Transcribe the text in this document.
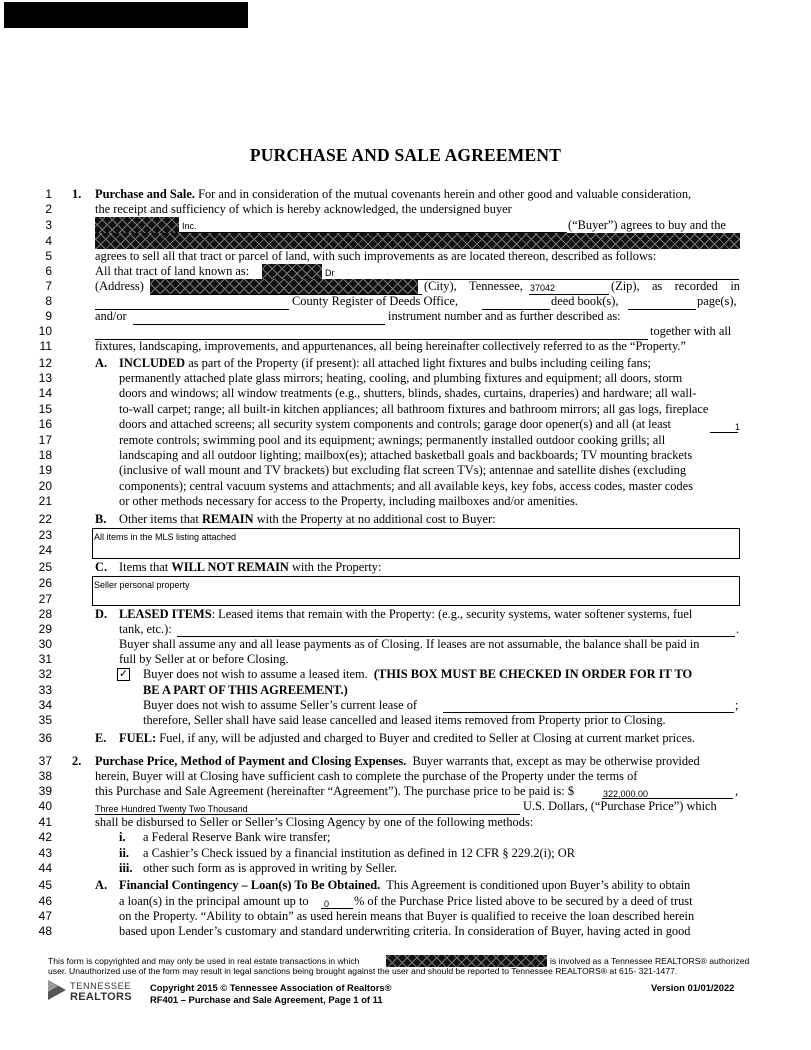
PURCHASE AND SALE AGREEMENT
1
2
3
4
5
6
7
8
9
10
11
12
13
14
15
16
17
18
19
20
21
22
23
24
25
26
27
28
29
30
31
32
33
34
35
36
37
38
39
40
41
42
43
44
45
46
47
48
1. Purchase and Sale. For and in consideration of the mutual covenants herein and other good and valuable consideration,
the receipt and sufficiency of which is hereby acknowledged, the undersigned buyer
Inc.	(“Buyer”) agrees to buy and the
agrees to sell all that tract or parcel of land, with such improvements as are located thereon, described as follows:
All that tract of land known as:	Dr
(Address)	(City), Tennessee, 37042	(Zip), as recorded in
County Register of Deeds Office,	deed book(s),	page(s),
and/or	instrument number and as further described as:
together with all
fixtures, landscaping, improvements, and appurtenances, all being hereinafter collectively referred to as the “Property.”
A. INCLUDED as part of the Property (if present): all attached light fixtures and bulbs including ceiling fans;
permanently attached plate glass mirrors; heating, cooling, and plumbing fixtures and equipment; all doors, storm
doors and windows; all window treatments (e.g., shutters, blinds, shades, curtains, draperies) and hardware; all wall-
to-wall carpet; range; all built-in kitchen appliances; all bathroom fixtures and bathroom mirrors; all gas logs, fireplace
doors and attached screens; all security system components and controls; garage door opener(s) and all (at least	1
remote controls; swimming pool and its equipment; awnings; permanently installed outdoor cooking grills; all
landscaping and all outdoor lighting; mailbox(es); attached basketball goals and backboards; TV mounting brackets
(inclusive of wall mount and TV brackets) but excluding flat screen TVs); antennae and satellite dishes (excluding
components); central vacuum systems and attachments; and all available keys, key fobs, access codes, master codes
or other methods necessary for access to the Property, including mailboxes and/or amenities.
B. Other items that REMAIN with the Property at no additional cost to Buyer:
All items in the MLS listing attached
C. Items that WILL NOT REMAIN with the Property:
Seller personal property
D. LEASED ITEMS: Leased items that remain with the Property: (e.g., security systems, water softener systems, fuel
tank, etc.):	.
Buyer shall assume any and all lease payments as of Closing. If leases are not assumable, the balance shall be paid in
full by Seller at or before Closing.
✓ Buyer does not wish to assume a leased item. (THIS BOX MUST BE CHECKED IN ORDER FOR IT TO
BE A PART OF THIS AGREEMENT.)
Buyer does not wish to assume Seller’s current lease of	;
therefore, Seller shall have said lease cancelled and leased items removed from Property prior to Closing.
E. FUEL: Fuel, if any, will be adjusted and charged to Buyer and credited to Seller at Closing at current market prices.
2. Purchase Price, Method of Payment and Closing Expenses. Buyer warrants that, except as may be otherwise provided
herein, Buyer will at Closing have sufficient cash to complete the purchase of the Property under the terms of
this Purchase and Sale Agreement (hereinafter “Agreement”). The purchase price to be paid is: $	322,000.00	,
Three Hundred Twenty Two Thousand	U.S. Dollars, (“Purchase Price”) which
shall be disbursed to Seller or Seller’s Closing Agency by one of the following methods:
i. a Federal Reserve Bank wire transfer;
ii. a Cashier’s Check issued by a financial institution as defined in 12 CFR § 229.2(i); OR
iii. other such form as is approved in writing by Seller.
A. Financial Contingency – Loan(s) To Be Obtained. This Agreement is conditioned upon Buyer’s ability to obtain
a loan(s) in the principal amount up to 0 % of the Purchase Price listed above to be secured by a deed of trust
on the Property. “Ability to obtain” as used herein means that Buyer is qualified to receive the loan described herein
based upon Lender’s customary and standard underwriting criteria. In consideration of Buyer, having acted in good
This form is copyrighted and may only be used in real estate transactions in which	is involved as a Tennessee REALTORS® authorized
user. Unauthorized use of the form may result in legal sanctions being brought against the user and should be reported to Tennessee REALTORS® at 615- 321-1477.
TENNESSEE
REALTORS
Copyright 2015 © Tennessee Association of Realtors®
RF401 – Purchase and Sale Agreement, Page 1 of 11
Version 01/01/2022
